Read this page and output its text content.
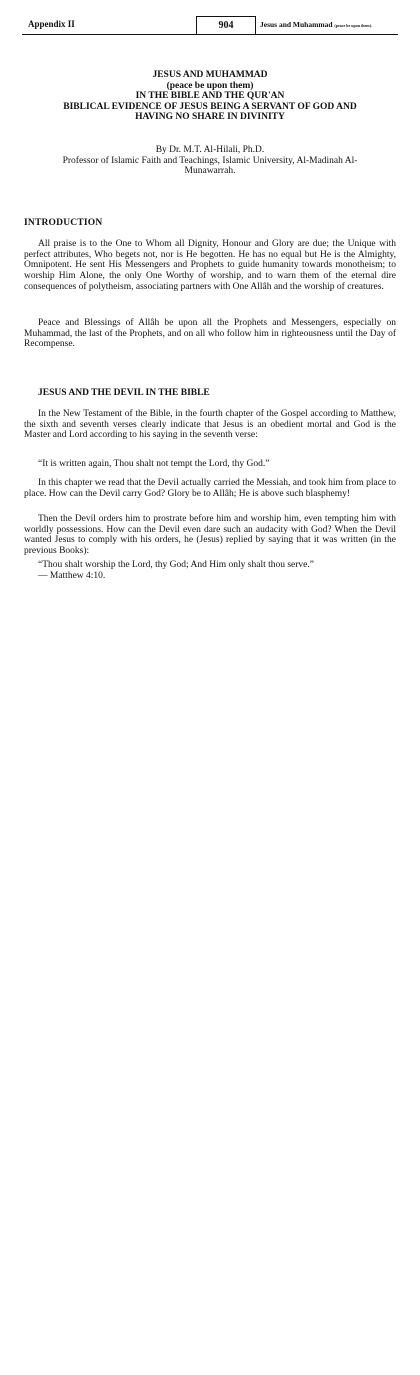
Appendix II	904	Jesus and Muhammad (peace be upon them).
JESUS AND MUHAMMAD
(peace be upon them)
IN THE BIBLE AND THE QUR'AN
BIBLICAL EVIDENCE OF JESUS BEING A SERVANT OF GOD AND
HAVING NO SHARE IN DIVINITY
By Dr. M.T. Al-Hilali, Ph.D.
Professor of Islamic Faith and Teachings, Islamic University, Al-Madinah Al-
Munawarrah.
INTRODUCTION

All praise is to the One to Whom all Dignity, Honour and Glory are due; the Unique with perfect attributes, Who begets not, nor is He begotten. He has no equal but He is the Almighty, Omnipotent. He sent His Messengers and Prophets to guide humanity towards monotheism; to worship Him Alone, the only One Worthy of worship, and to warn them of the eternal dire consequences of polytheism, associating partners with One Allâh and the worship of creatures.

Peace and Blessings of Allâh be upon all the Prophets and Messengers, especially on Muhammad, the last of the Prophets, and on all who follow him in righteousness until the Day of Recompense.

JESUS AND THE DEVIL IN THE BIBLE

In the New Testament of the Bible, in the fourth chapter of the Gospel according to Matthew, the sixth and seventh verses clearly indicate that Jesus is an obedient mortal and God is the Master and Lord according to his saying in the seventh verse:

“It is written again, Thou shalt not tempt the Lord, thy God.”

In this chapter we read that the Devil actually carried the Messiah, and took him from place to place. How can the Devil carry God? Glory be to Allâh; He is above such blasphemy!

Then the Devil orders him to prostrate before him and worship him, even tempting him with worldly possessions. How can the Devil even dare such an audacity with God? When the Devil wanted Jesus to comply with his orders, he (Jesus) replied by saying that it was written (in the previous Books):

“Thou shalt worship the Lord, thy God; And Him only shalt thou serve.”

— Matthew 4:10.
